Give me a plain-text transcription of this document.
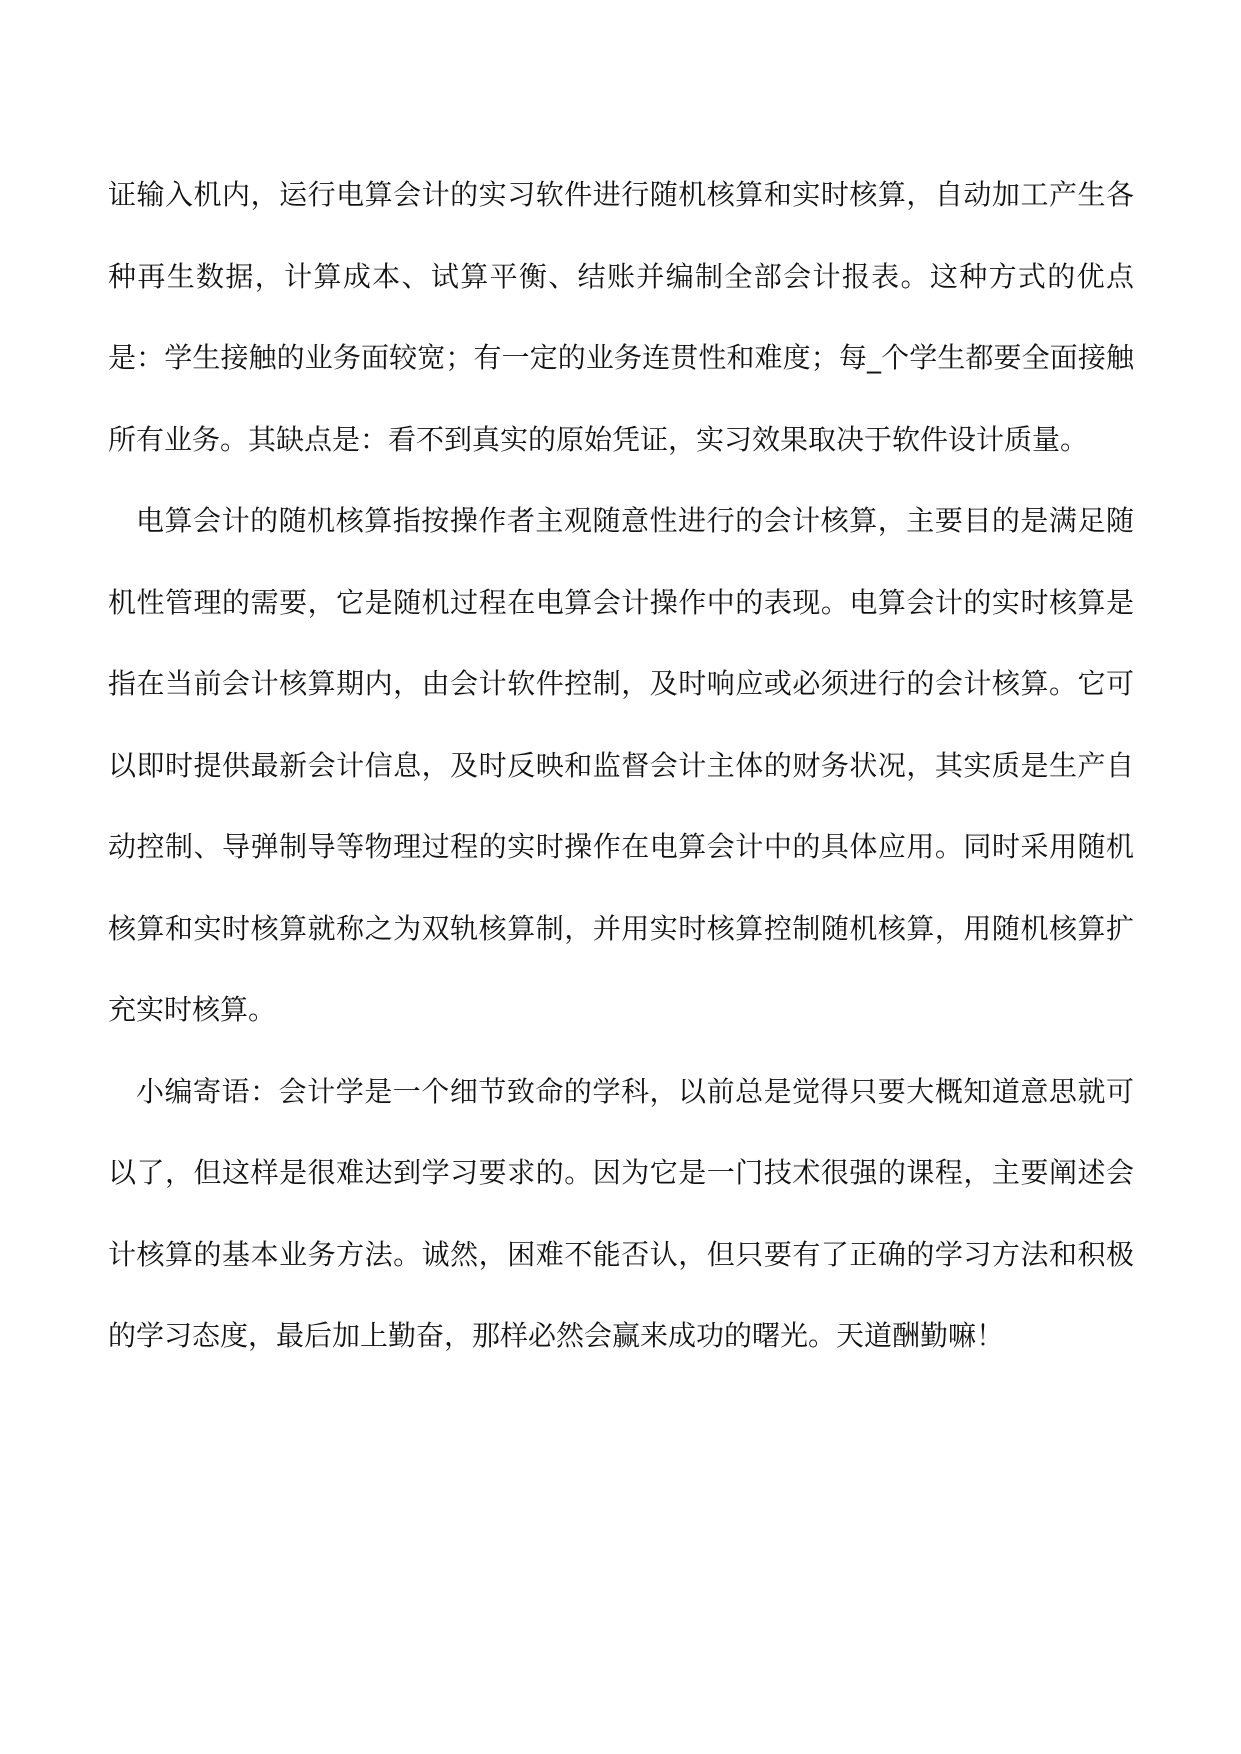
证输入机内，运行电算会计的实习软件进行随机核算和实时核算，自动加工产生各种再生数据，计算成本、试算平衡、结账并编制全部会计报表。这种方式的优点是：学生接触的业务面较宽；有一定的业务连贯性和难度；每_个学生都要全面接触所有业务。其缺点是：看不到真实的原始凭证，实习效果取决于软件设计质量。

电算会计的随机核算指按操作者主观随意性进行的会计核算，主要目的是满足随机性管理的需要，它是随机过程在电算会计操作中的表现。电算会计的实时核算是指在当前会计核算期内，由会计软件控制，及时响应或必须进行的会计核算。它可以即时提供最新会计信息，及时反映和监督会计主体的财务状况，其实质是生产自动控制、导弹制导等物理过程的实时操作在电算会计中的具体应用。同时采用随机核算和实时核算就称之为双轨核算制，并用实时核算控制随机核算，用随机核算扩充实时核算。

小编寄语：会计学是一个细节致命的学科，以前总是觉得只要大概知道意思就可以了，但这样是很难达到学习要求的。因为它是一门技术很强的课程，主要阐述会计核算的基本业务方法。诚然，困难不能否认，但只要有了正确的学习方法和积极的学习态度，最后加上勤奋，那样必然会赢来成功的曙光。天道酬勤嘛！
